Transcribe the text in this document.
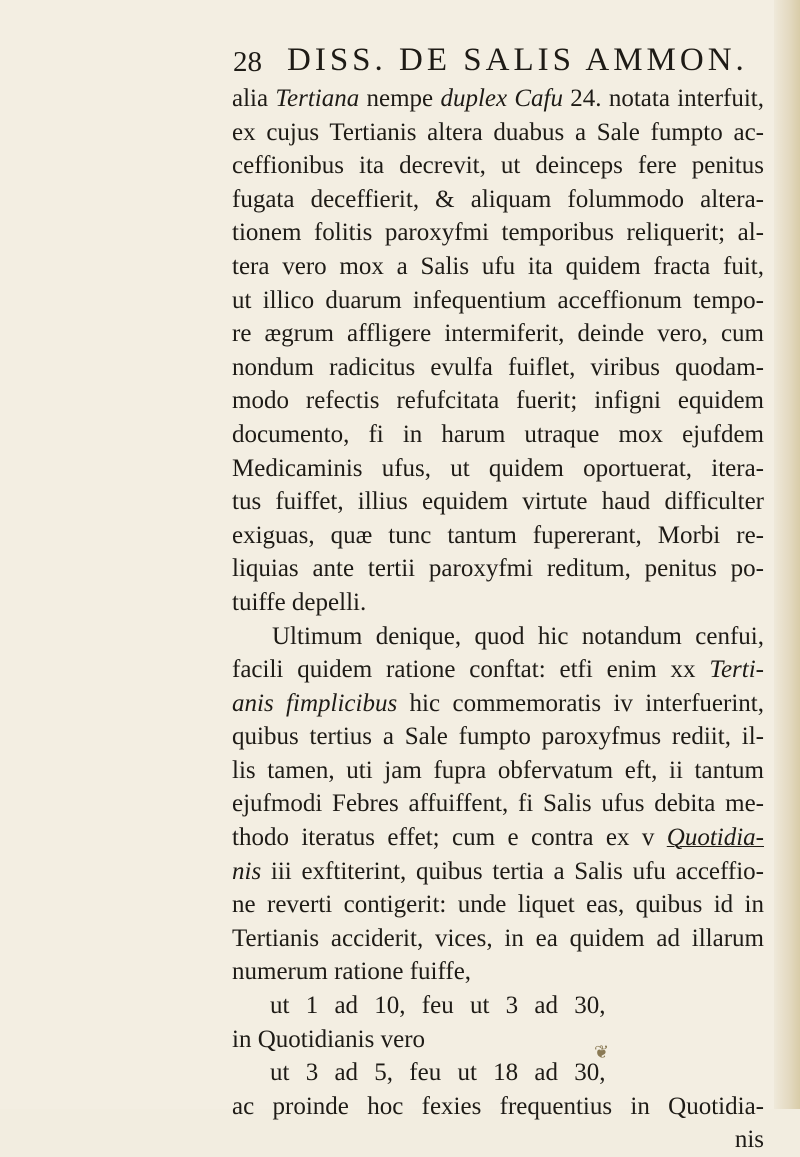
28 DISS. DE SALIS AMMON.
alia Tertiana nempe duplex Cafu 24. notata interfuit,
ex cujus Tertianis altera duabus a Sale fumpto ac-
ceffionibus ita decrevit, ut deinceps fere penitus
fugata deceffierit, & aliquam folummodo altera-
tionem folitis paroxyfmi temporibus reliquerit; al-
tera vero mox a Salis ufu ita quidem fracta fuit,
ut illico duarum infequentium acceffionum tempo-
re ægrum affligere intermiferit, deinde vero, cum
nondum radicitus evulfa fuiflet, viribus quodam-
modo refectis refufcitata fuerit; infigni equidem
documento, fi in harum utraque mox ejufdem
Medicaminis ufus, ut quidem oportuerat, itera-
tus fuiffet, illius equidem virtute haud difficulter
exiguas, quæ tunc tantum fupererant, Morbi re-
liquias ante tertii paroxyfmi reditum, penitus po-
tuiffe depelli.
Ultimum denique, quod hic notandum cenfui,
facili quidem ratione conftat: etfi enim xx Terti-
anis fimplicibus hic commemoratis iv interfuerint,
quibus tertius a Sale fumpto paroxyfmus rediit, il-
lis tamen, uti jam fupra obfervatum eft, ii tantum
ejufmodi Febres affuiffent, fi Salis ufus debita me-
thodo iteratus effet; cum e contra ex v Quotidia-
nis iii exftiterint, quibus tertia a Salis ufu acceffio-
ne reverti contigerit: unde liquet eas, quibus id in
Tertianis acciderit, vices, in ea quidem ad illarum
numerum ratione fuiffe,
ut 1 ad 10, feu ut 3 ad 30,
in Quotidianis vero
ut 3 ad 5, feu ut 18 ad 30,
ac proinde hoc fexies frequentius in Quotidia-
nis
❦
